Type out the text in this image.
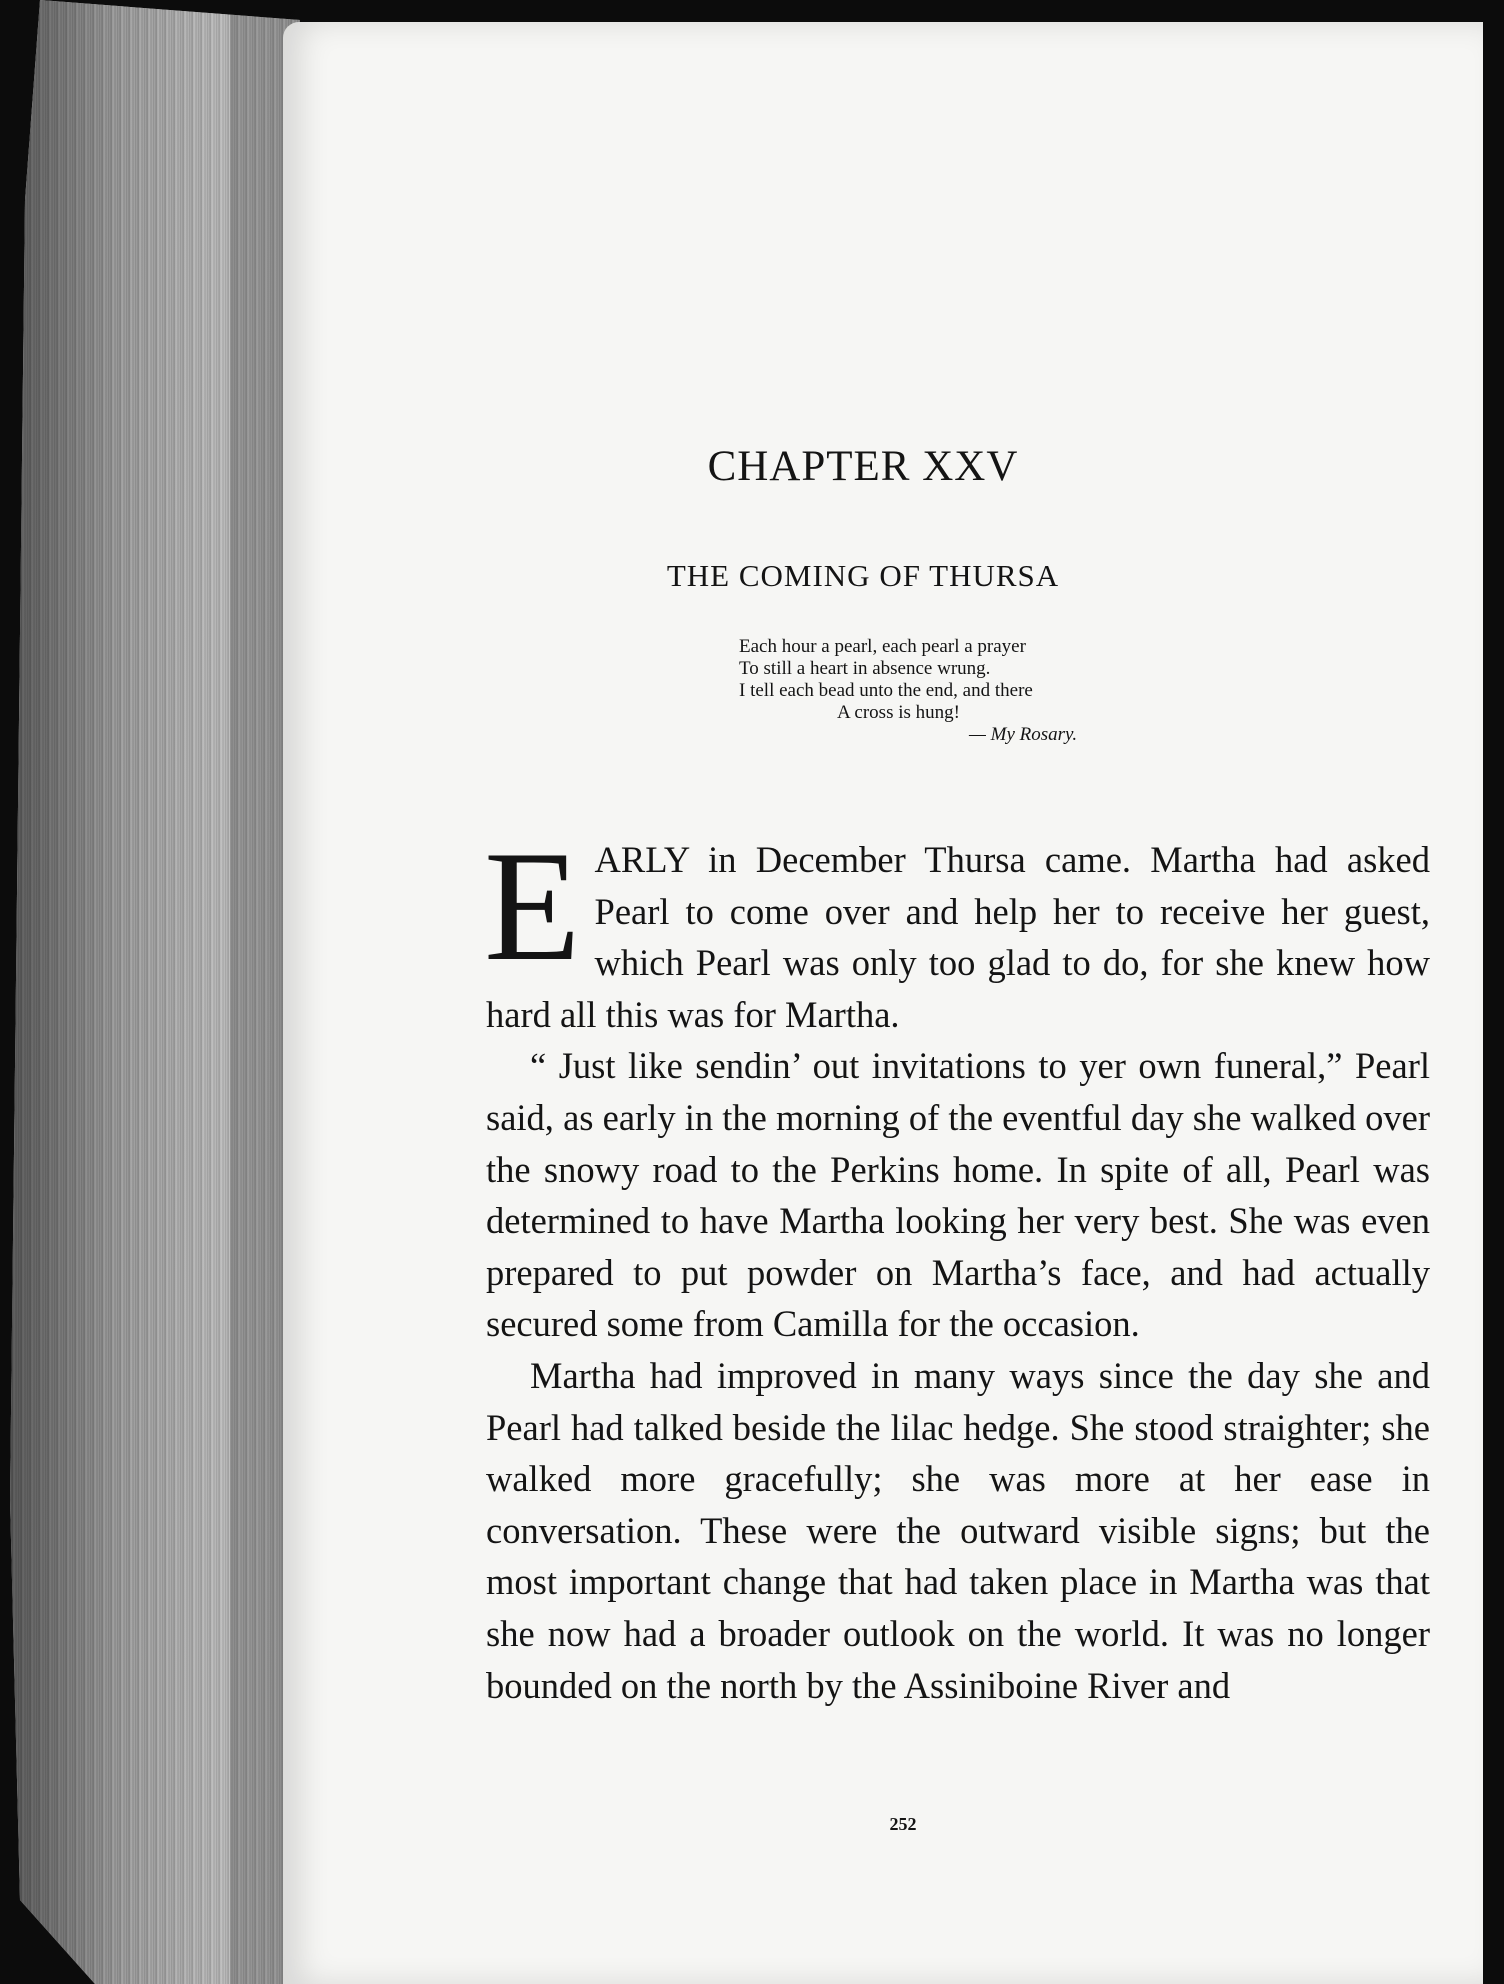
CHAPTER XXV
THE COMING OF THURSA
Each hour a pearl, each pearl a prayer
To still a heart in absence wrung.
I tell each bead unto the end, and there
A cross is hung!
— My Rosary.

EARLY in December Thursa came. Martha had asked Pearl to come over and help her to receive her guest, which Pearl was only too glad to do, for she knew how hard all this was for Martha.

“ Just like sendin’ out invitations to yer own funeral,” Pearl said, as early in the morning of the eventful day she walked over the snowy road to the Perkins home. In spite of all, Pearl was determined to have Martha looking her very best. She was even prepared to put powder on Martha’s face, and had actually secured some from Camilla for the occasion.

Martha had improved in many ways since the day she and Pearl had talked beside the lilac hedge. She stood straighter; she walked more gracefully; she was more at her ease in conversation. These were the outward visible signs; but the most important change that had taken place in Martha was that she now had a broader outlook on the world. It was no longer bounded on the north by the Assiniboine River and

252
